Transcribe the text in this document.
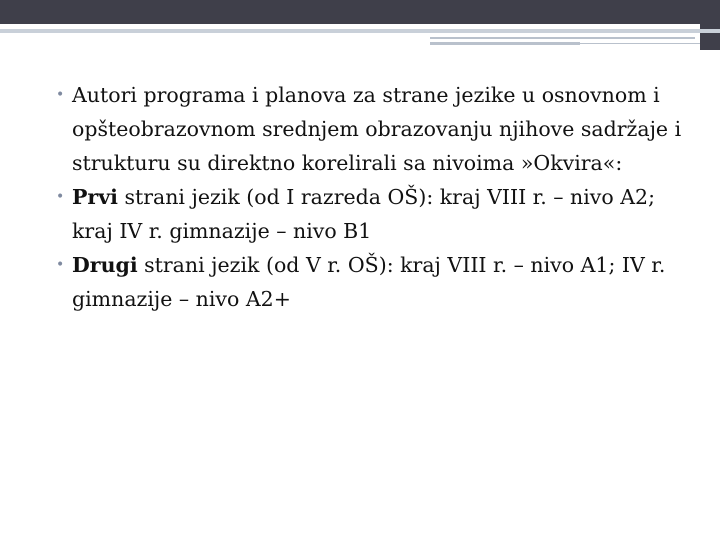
• Autori programa i planova za strane jezike u osnovnom i opšteobrazovnom srednjem obrazovanju njihove sadržaje i strukturu su direktno korelirali sa nivoima »Okvira«:

• Prvi strani jezik (od I razreda OŠ): kraj VIII r. – nivo A2; kraj IV r. gimnazije – nivo B1

• Drugi strani jezik (od V r. OŠ): kraj VIII r. – nivo A1; IV r. gimnazije – nivo A2+
